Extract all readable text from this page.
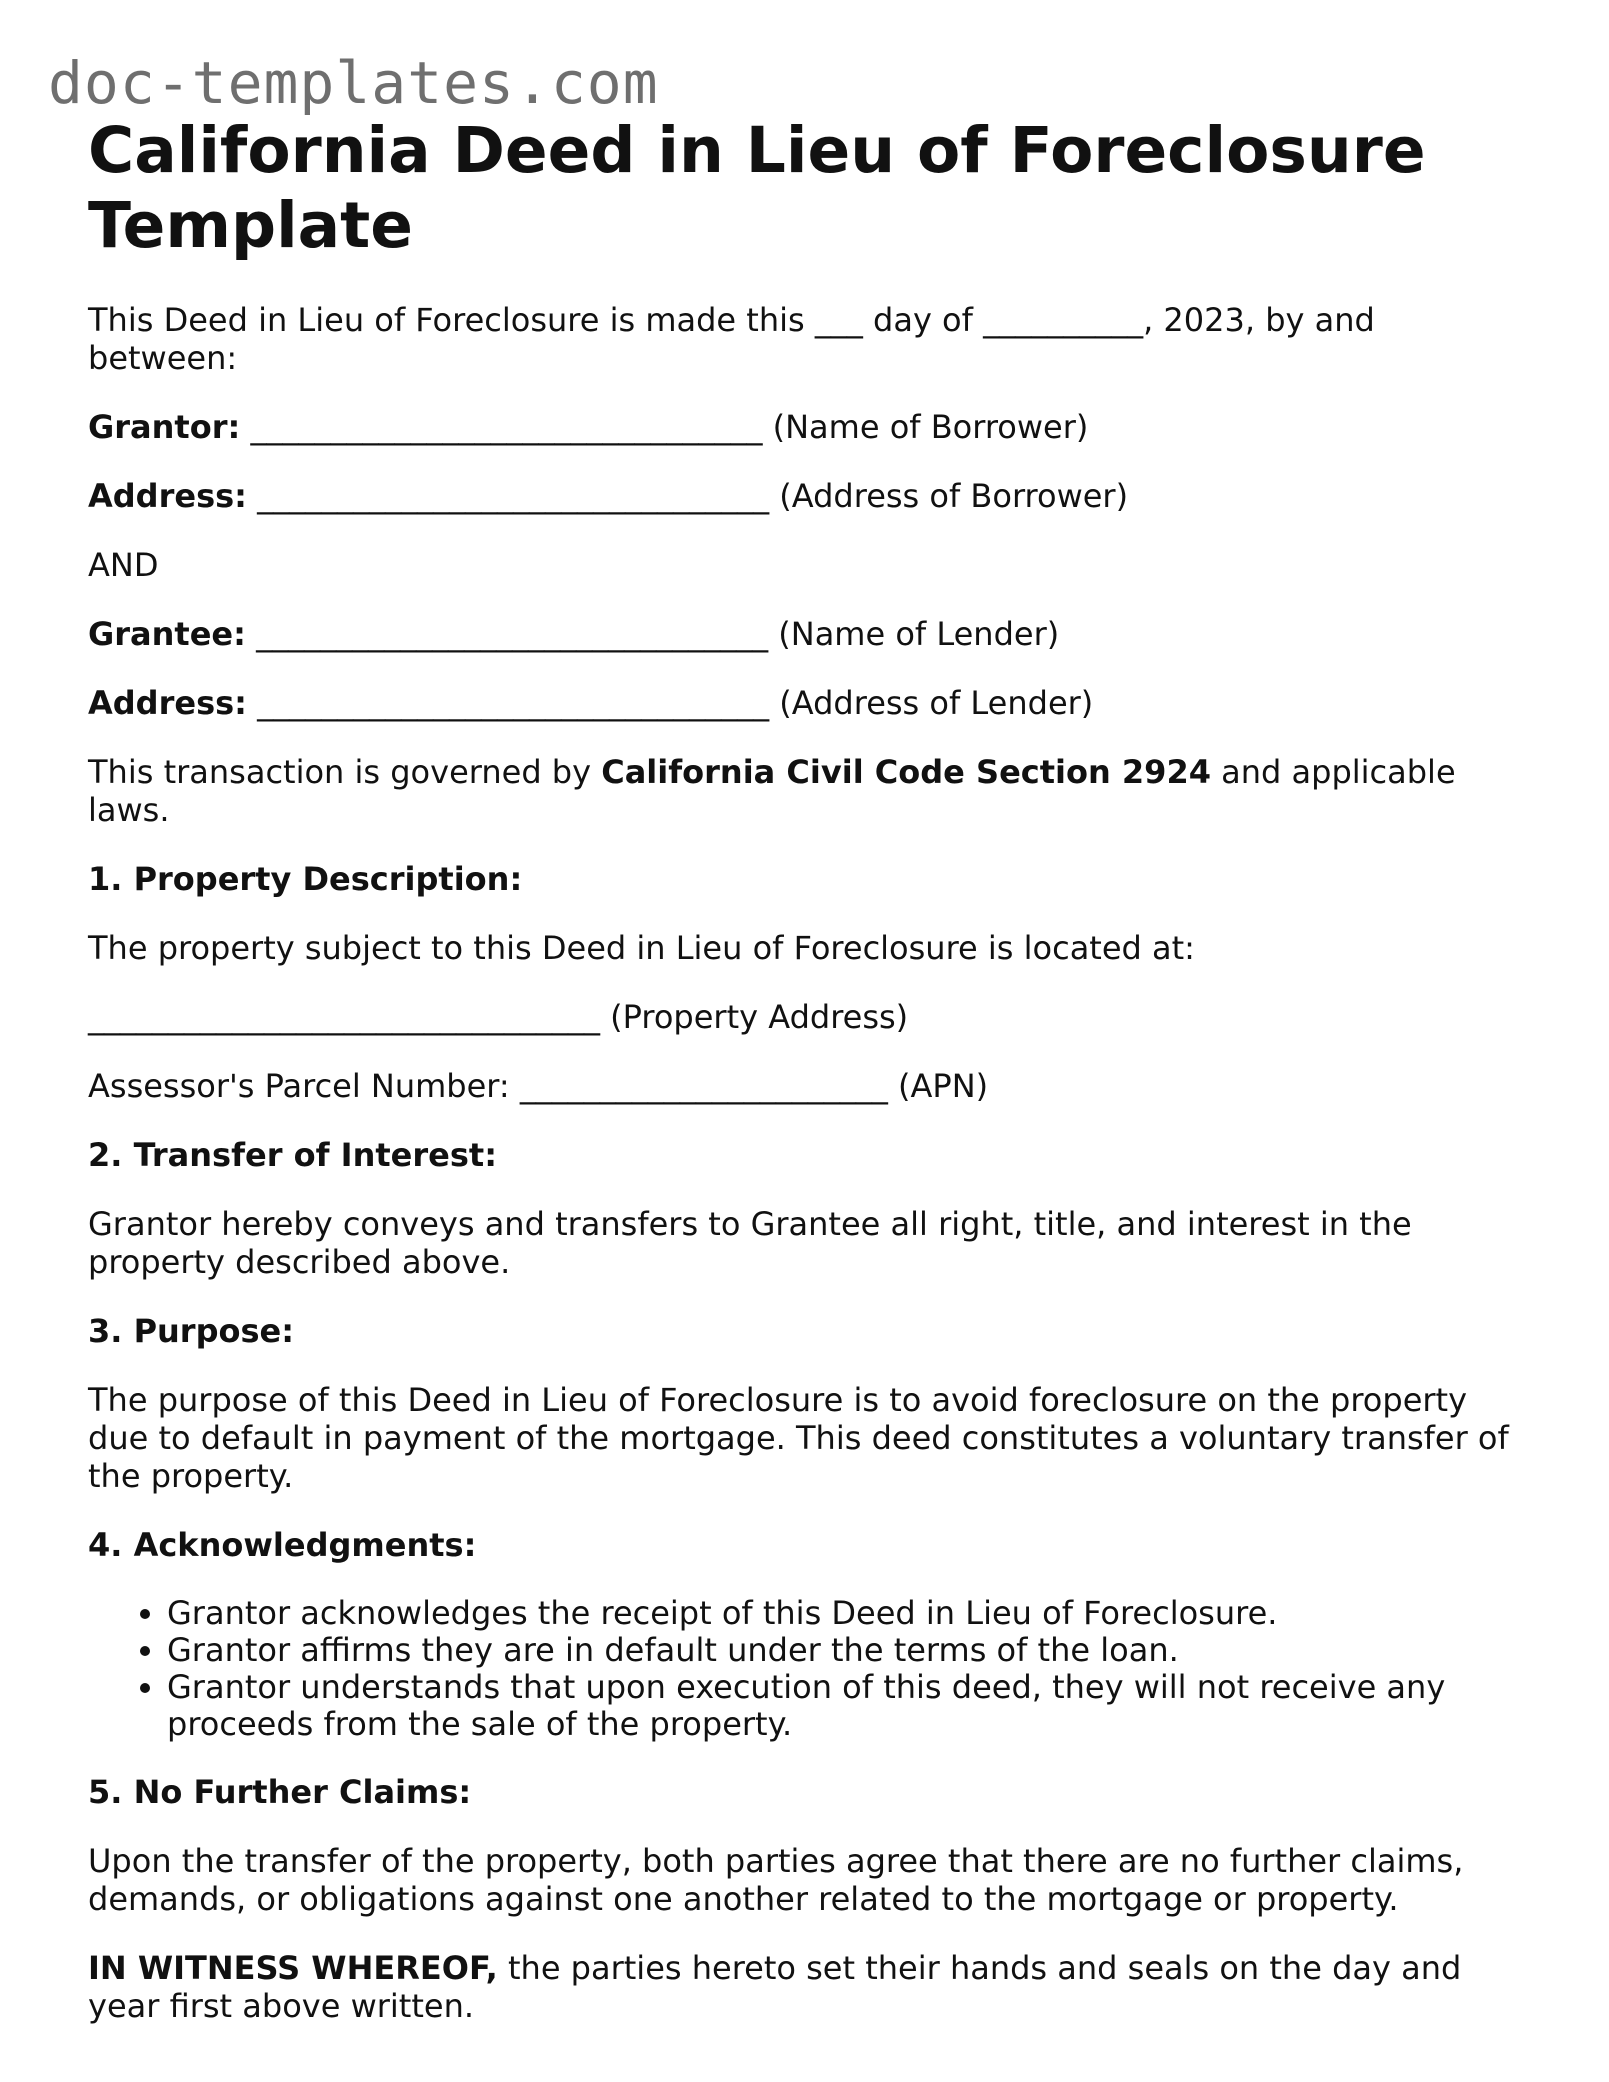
doc-templates.com
California Deed in Lieu of Foreclosure Template

This Deed in Lieu of Foreclosure is made this ___ day of __________, 2023, by and between:

Grantor: ________________________________ (Name of Borrower)

Address: ________________________________ (Address of Borrower)

AND

Grantee: ________________________________ (Name of Lender)

Address: ________________________________ (Address of Lender)

This transaction is governed by California Civil Code Section 2924 and applicable laws.

1. Property Description:

The property subject to this Deed in Lieu of Foreclosure is located at:

________________________________ (Property Address)

Assessor's Parcel Number: _______________________ (APN)

2. Transfer of Interest:

Grantor hereby conveys and transfers to Grantee all right, title, and interest in the property described above.

3. Purpose:

The purpose of this Deed in Lieu of Foreclosure is to avoid foreclosure on the property due to default in payment of the mortgage. This deed constitutes a voluntary transfer of the property.

4. Acknowledgments:

• Grantor acknowledges the receipt of this Deed in Lieu of Foreclosure.
• Grantor affirms they are in default under the terms of the loan.
• Grantor understands that upon execution of this deed, they will not receive any proceeds from the sale of the property.

5. No Further Claims:

Upon the transfer of the property, both parties agree that there are no further claims, demands, or obligations against one another related to the mortgage or property.

IN WITNESS WHEREOF, the parties hereto set their hands and seals on the day and year first above written.
